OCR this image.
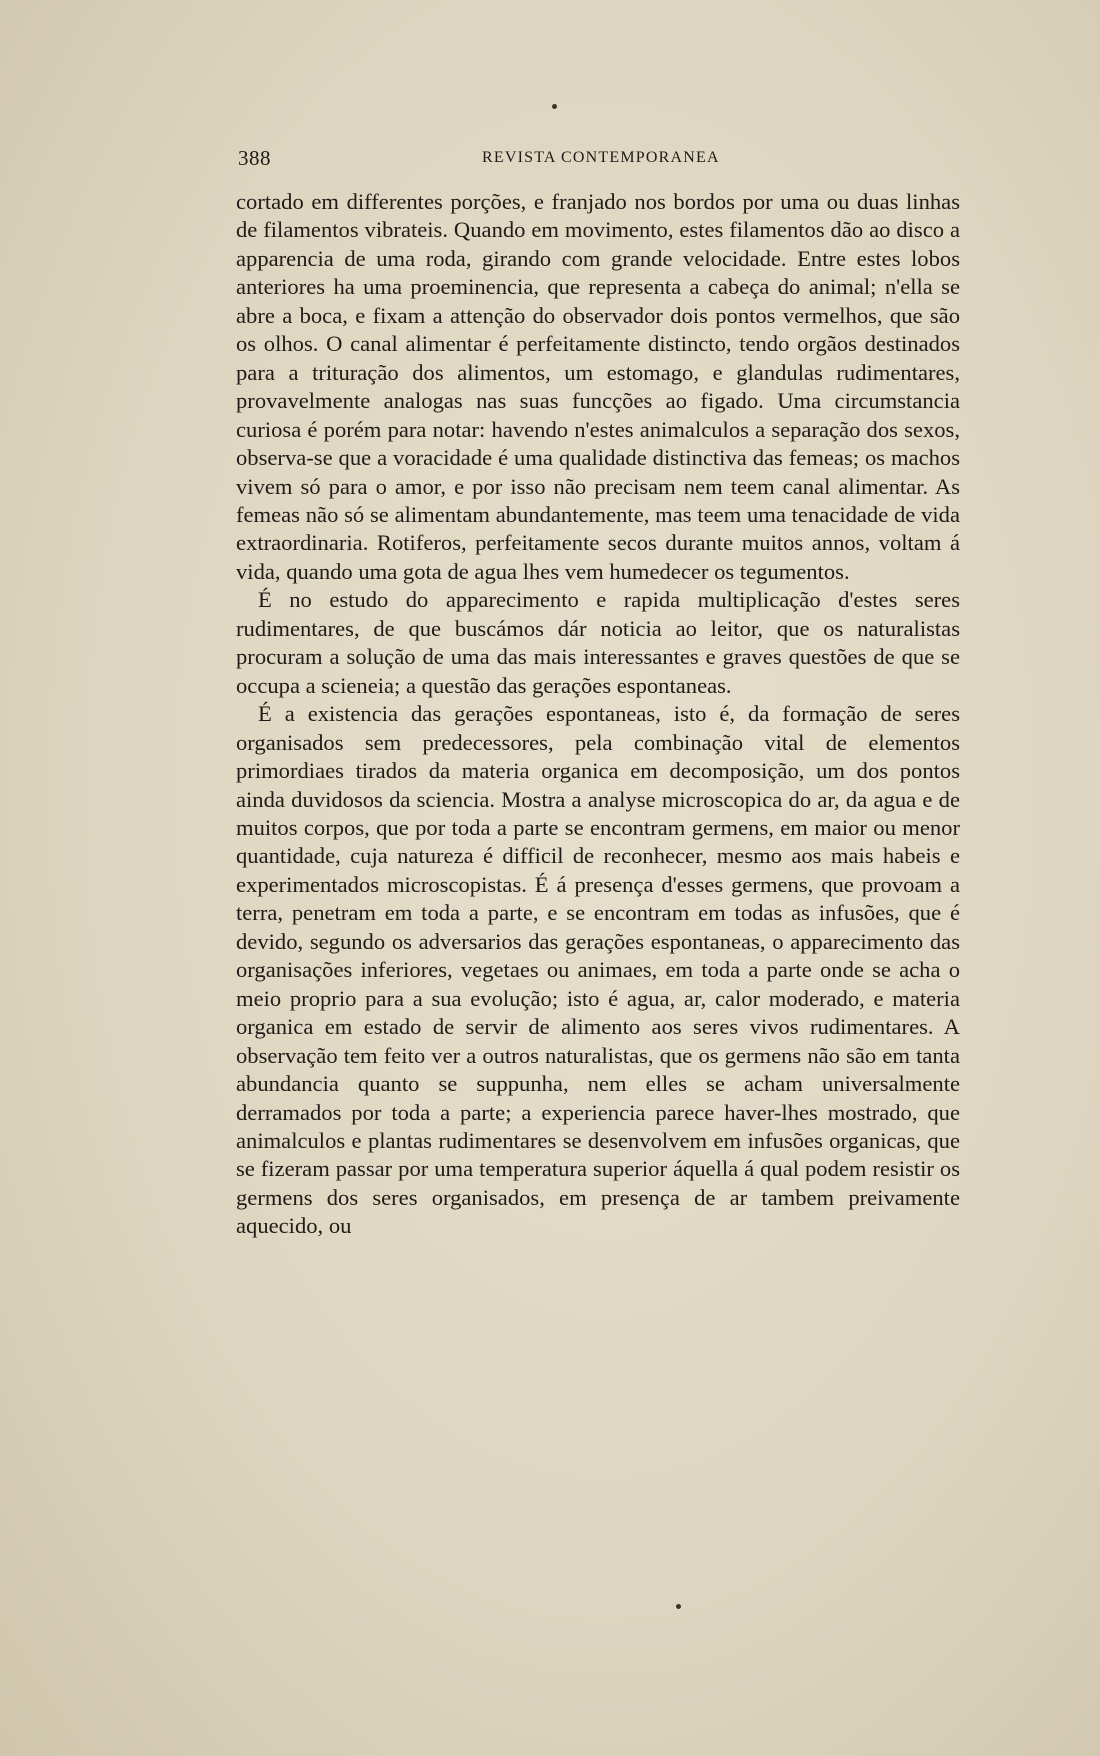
388	REVISTA CONTEMPORANEA

cortado em differentes porções, e franjado nos bordos por uma ou duas linhas de filamentos vibrateis. Quando em movimento, estes filamentos dão ao disco a apparencia de uma roda, girando com grande velocidade. Entre estes lobos anteriores ha uma proeminencia, que representa a cabeça do animal; n'ella se abre a boca, e fixam a attenção do observador dois pontos vermelhos, que são os olhos. O canal alimentar é perfeitamente distincto, tendo orgãos destinados para a trituração dos alimentos, um estomago, e glandulas rudimentares, provavelmente analogas nas suas funcções ao figado. Uma circumstancia curiosa é porém para notar: havendo n'estes animalculos a separação dos sexos, observa-se que a voracidade é uma qualidade distinctiva das femeas; os machos vivem só para o amor, e por isso não precisam nem teem canal alimentar. As femeas não só se alimentam abundantemente, mas teem uma tenacidade de vida extraordinaria. Rotiferos, perfeitamente secos durante muitos annos, voltam á vida, quando uma gota de agua lhes vem humedecer os tegumentos.

É no estudo do apparecimento e rapida multiplicação d'estes seres rudimentares, de que buscámos dár noticia ao leitor, que os naturalistas procuram a solução de uma das mais interessantes e graves questões de que se occupa a scieneia; a questão das gerações espontaneas.

É a existencia das gerações espontaneas, isto é, da formação de seres organisados sem predecessores, pela combinação vital de elementos primordiaes tirados da materia organica em decomposição, um dos pontos ainda duvidosos da sciencia. Mostra a analyse microscopica do ar, da agua e de muitos corpos, que por toda a parte se encontram germens, em maior ou menor quantidade, cuja natureza é difficil de reconhecer, mesmo aos mais habeis e experimentados microscopistas. É á presença d'esses germens, que provoam a terra, penetram em toda a parte, e se encontram em todas as infusões, que é devido, segundo os adversarios das gerações espontaneas, o apparecimento das organisações inferiores, vegetaes ou animaes, em toda a parte onde se acha o meio proprio para a sua evolução; isto é agua, ar, calor moderado, e materia organica em estado de servir de alimento aos seres vivos rudimentares. A observação tem feito ver a outros naturalistas, que os germens não são em tanta abundancia quanto se suppunha, nem elles se acham universalmente derramados por toda a parte; a experiencia parece haver-lhes mostrado, que animalculos e plantas rudimentares se desenvolvem em infusões organicas, que se fizeram passar por uma temperatura superior áquella á qual podem resistir os germens dos seres organisados, em presença de ar tambem preivamente aquecido, ou
